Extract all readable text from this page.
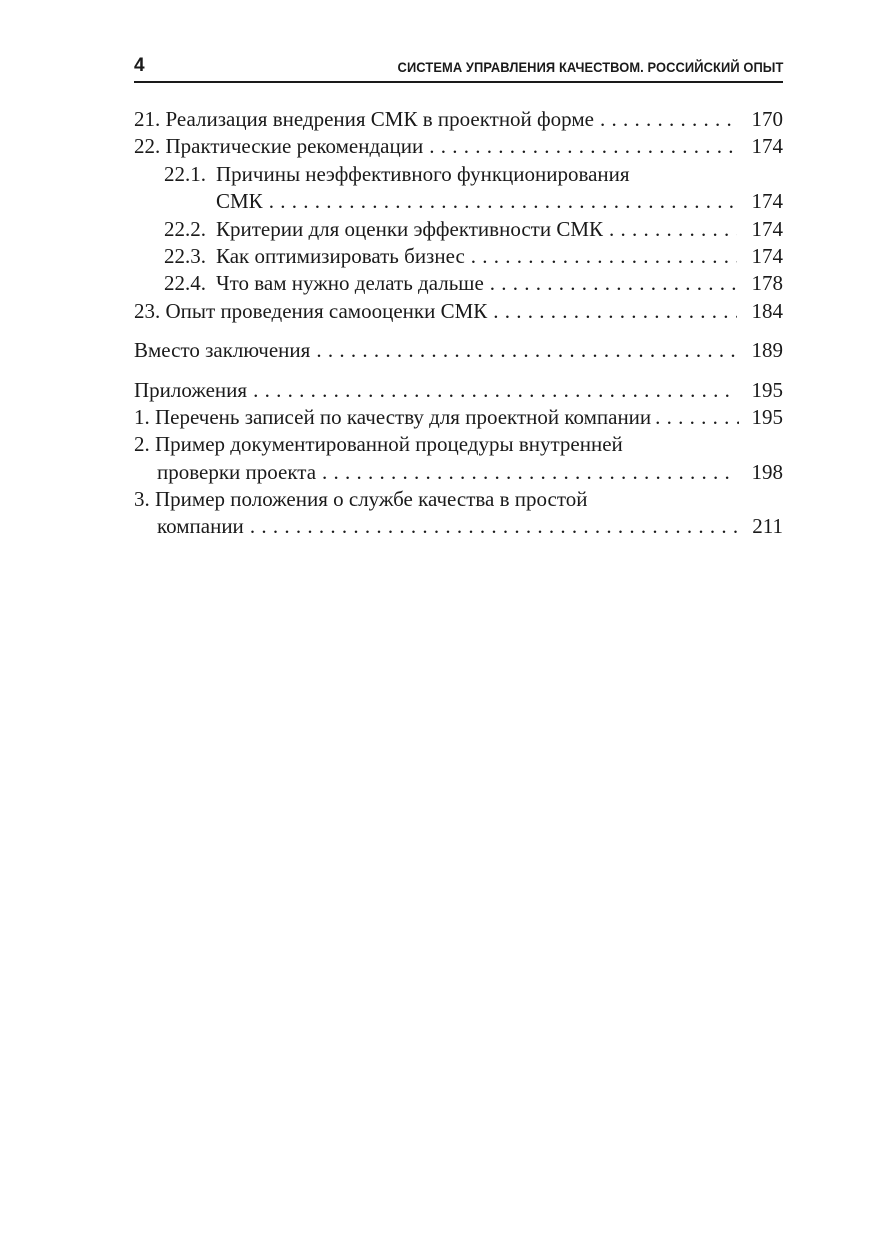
4	СИСТЕМА УПРАВЛЕНИЯ КАЧЕСТВОМ. РОССИЙСКИЙ ОПЫТ
21. Реализация внедрения СМК в проектной форме . . .	170
22. Практические рекомендации . . .	174
22.1. Причины неэффективного функционирования
СМК . . .	174
22.2. Критерии для оценки эффективности СМК . . .	174
22.3. Как оптимизировать бизнес . . .	174
22.4. Что вам нужно делать дальше . . .	178
23. Опыт проведения самооценки СМК . . .	184
Вместо заключения . . .	189
Приложения . . .	195
1. Перечень записей по качеству для проектной компании . . .	195
2. Пример документированной процедуры внутренней
проверки проекта . . .	198
3. Пример положения о службе качества в простой
компании . . .	211
